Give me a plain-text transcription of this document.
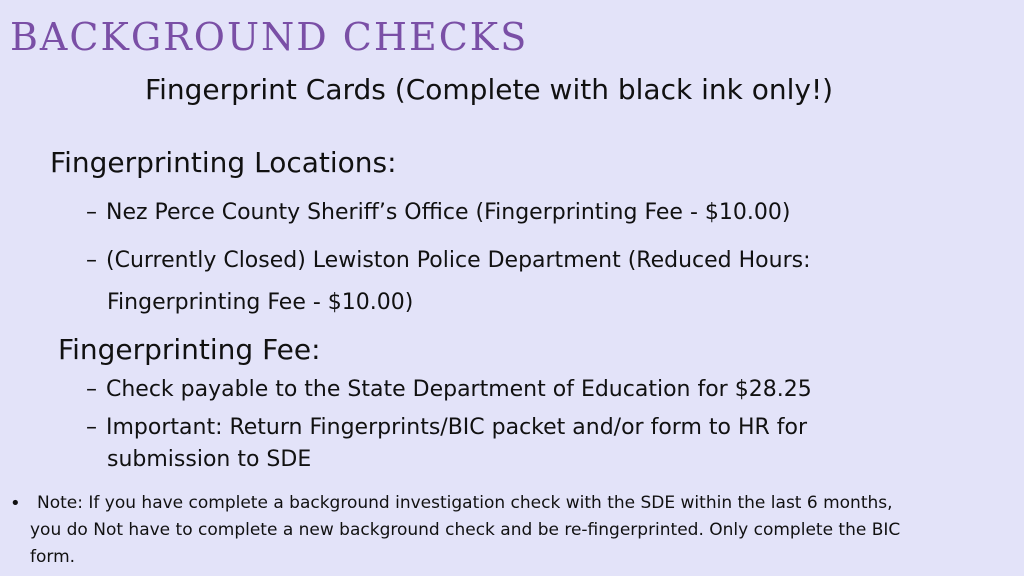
BACKGROUND CHECKS
Fingerprint Cards (Complete with black ink only!)
Fingerprinting Locations:
– Nez Perce County Sheriff’s Office (Fingerprinting Fee - $10.00)
– (Currently Closed) Lewiston Police Department (Reduced Hours:
Fingerprinting Fee - $10.00)
Fingerprinting Fee:
– Check payable to the State Department of Education for $28.25
– Important: Return Fingerprints/BIC packet and/or form to HR for
submission to SDE
• Note: If you have complete a background investigation check with the SDE within the last 6 months,
you do Not have to complete a new background check and be re-fingerprinted. Only complete the BIC
form.
